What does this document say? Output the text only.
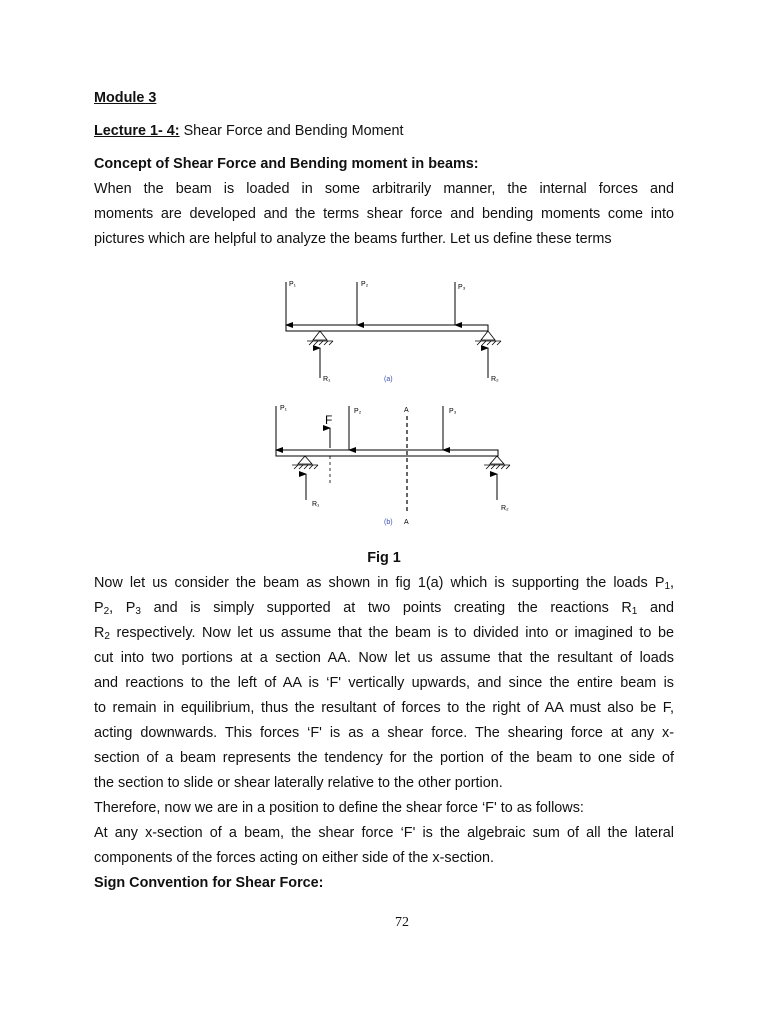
Module 3
Lecture 1- 4: Shear Force and Bending Moment
Concept of Shear Force and Bending moment in beams:
When the beam is loaded in some arbitrarily manner, the internal forces and
moments are developed and the terms shear force and bending moments come into
pictures which are helpful to analyze the beams further. Let us define these terms
P₁	P₂	P₃
R₁	R₂
(a)
P₁	P₂	P₃
F
A
A
R₁
R₂
(b)
Fig 1
Now let us consider the beam as shown in fig 1(a) which is supporting the loads $P_1$,
$P_2$, $P_3$ and is simply supported at two points creating the reactions $R_1$ and
$R_2$ respectively. Now let us assume that the beam is to divided into or imagined to be
cut into two portions at a section AA. Now let us assume that the resultant of loads
and reactions to the left of AA is ‘F' vertically upwards, and since the entire beam is
to remain in equilibrium, thus the resultant of forces to the right of AA must also be F,
acting downwards. This forces ‘F' is as a shear force. The shearing force at any x-
section of a beam represents the tendency for the portion of the beam to one side of
the section to slide or shear laterally relative to the other portion.
Therefore, now we are in a position to define the shear force ‘F' to as follows:
At any x-section of a beam, the shear force ‘F' is the algebraic sum of all the lateral
components of the forces acting on either side of the x-section.
Sign Convention for Shear Force:
72
